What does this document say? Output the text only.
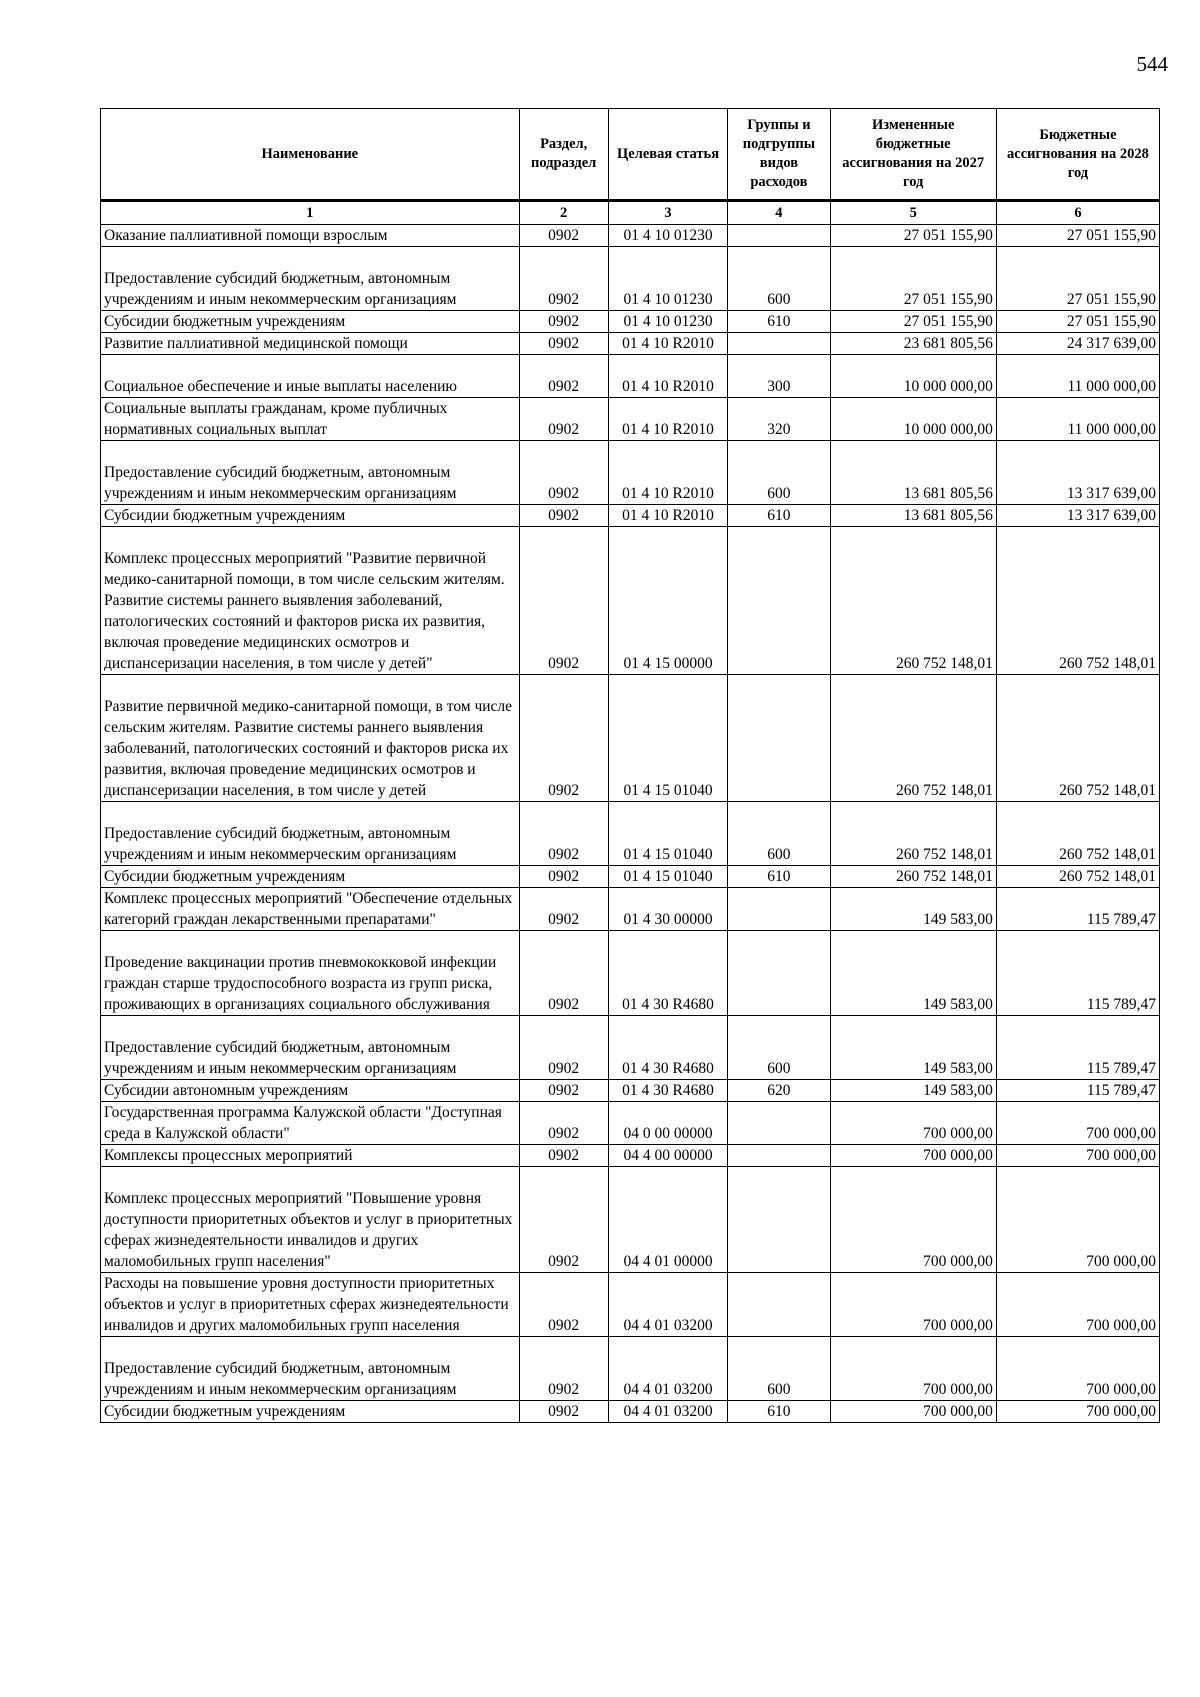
544
Наименование	Раздел, подраздел	Целевая статья	Группы и подгруппы видов расходов	Измененные бюджетные ассигнования на 2027 год	Бюджетные ассигнования на 2028 год
1	2	3	4	5	6
Оказание паллиативной помощи взрослым	0902	01 4 10 01230		27 051 155,90	27 051 155,90
Предоставление субсидий бюджетным, автономным учреждениям и иным некоммерческим организациям	0902	01 4 10 01230	600	27 051 155,90	27 051 155,90
Субсидии бюджетным учреждениям	0902	01 4 10 01230	610	27 051 155,90	27 051 155,90
Развитие паллиативной медицинской помощи	0902	01 4 10 R2010		23 681 805,56	24 317 639,00
Социальное обеспечение и иные выплаты населению	0902	01 4 10 R2010	300	10 000 000,00	11 000 000,00
Социальные выплаты гражданам, кроме публичных нормативных социальных выплат	0902	01 4 10 R2010	320	10 000 000,00	11 000 000,00
Предоставление субсидий бюджетным, автономным учреждениям и иным некоммерческим организациям	0902	01 4 10 R2010	600	13 681 805,56	13 317 639,00
Субсидии бюджетным учреждениям	0902	01 4 10 R2010	610	13 681 805,56	13 317 639,00
Комплекс процессных мероприятий "Развитие первичной медико-санитарной помощи, в том числе сельским жителям. Развитие системы раннего выявления заболеваний, патологических состояний и факторов риска их развития, включая проведение медицинских осмотров и диспансеризации населения, в том числе у детей"	0902	01 4 15 00000		260 752 148,01	260 752 148,01
Развитие первичной медико-санитарной помощи, в том числе сельским жителям. Развитие системы раннего выявления заболеваний, патологических состояний и факторов риска их развития, включая проведение медицинских осмотров и диспансеризации населения, в том числе у детей	0902	01 4 15 01040		260 752 148,01	260 752 148,01
Предоставление субсидий бюджетным, автономным учреждениям и иным некоммерческим организациям	0902	01 4 15 01040	600	260 752 148,01	260 752 148,01
Субсидии бюджетным учреждениям	0902	01 4 15 01040	610	260 752 148,01	260 752 148,01
Комплекс процессных мероприятий "Обеспечение отдельных категорий граждан лекарственными препаратами"	0902	01 4 30 00000		149 583,00	115 789,47
Проведение вакцинации против пневмококковой инфекции граждан старше трудоспособного возраста из групп риска, проживающих в организациях социального обслуживания	0902	01 4 30 R4680		149 583,00	115 789,47
Предоставление субсидий бюджетным, автономным учреждениям и иным некоммерческим организациям	0902	01 4 30 R4680	600	149 583,00	115 789,47
Субсидии автономным учреждениям	0902	01 4 30 R4680	620	149 583,00	115 789,47
Государственная программа Калужской области "Доступная среда в Калужской области"	0902	04 0 00 00000		700 000,00	700 000,00
Комплексы процессных мероприятий	0902	04 4 00 00000		700 000,00	700 000,00
Комплекс процессных мероприятий "Повышение уровня доступности приоритетных объектов и услуг в приоритетных сферах жизнедеятельности инвалидов и других маломобильных групп населения"	0902	04 4 01 00000		700 000,00	700 000,00
Расходы на повышение уровня доступности приоритетных объектов и услуг в приоритетных сферах жизнедеятельности инвалидов и других маломобильных групп населения	0902	04 4 01 03200		700 000,00	700 000,00
Предоставление субсидий бюджетным, автономным учреждениям и иным некоммерческим организациям	0902	04 4 01 03200	600	700 000,00	700 000,00
Субсидии бюджетным учреждениям	0902	04 4 01 03200	610	700 000,00	700 000,00
